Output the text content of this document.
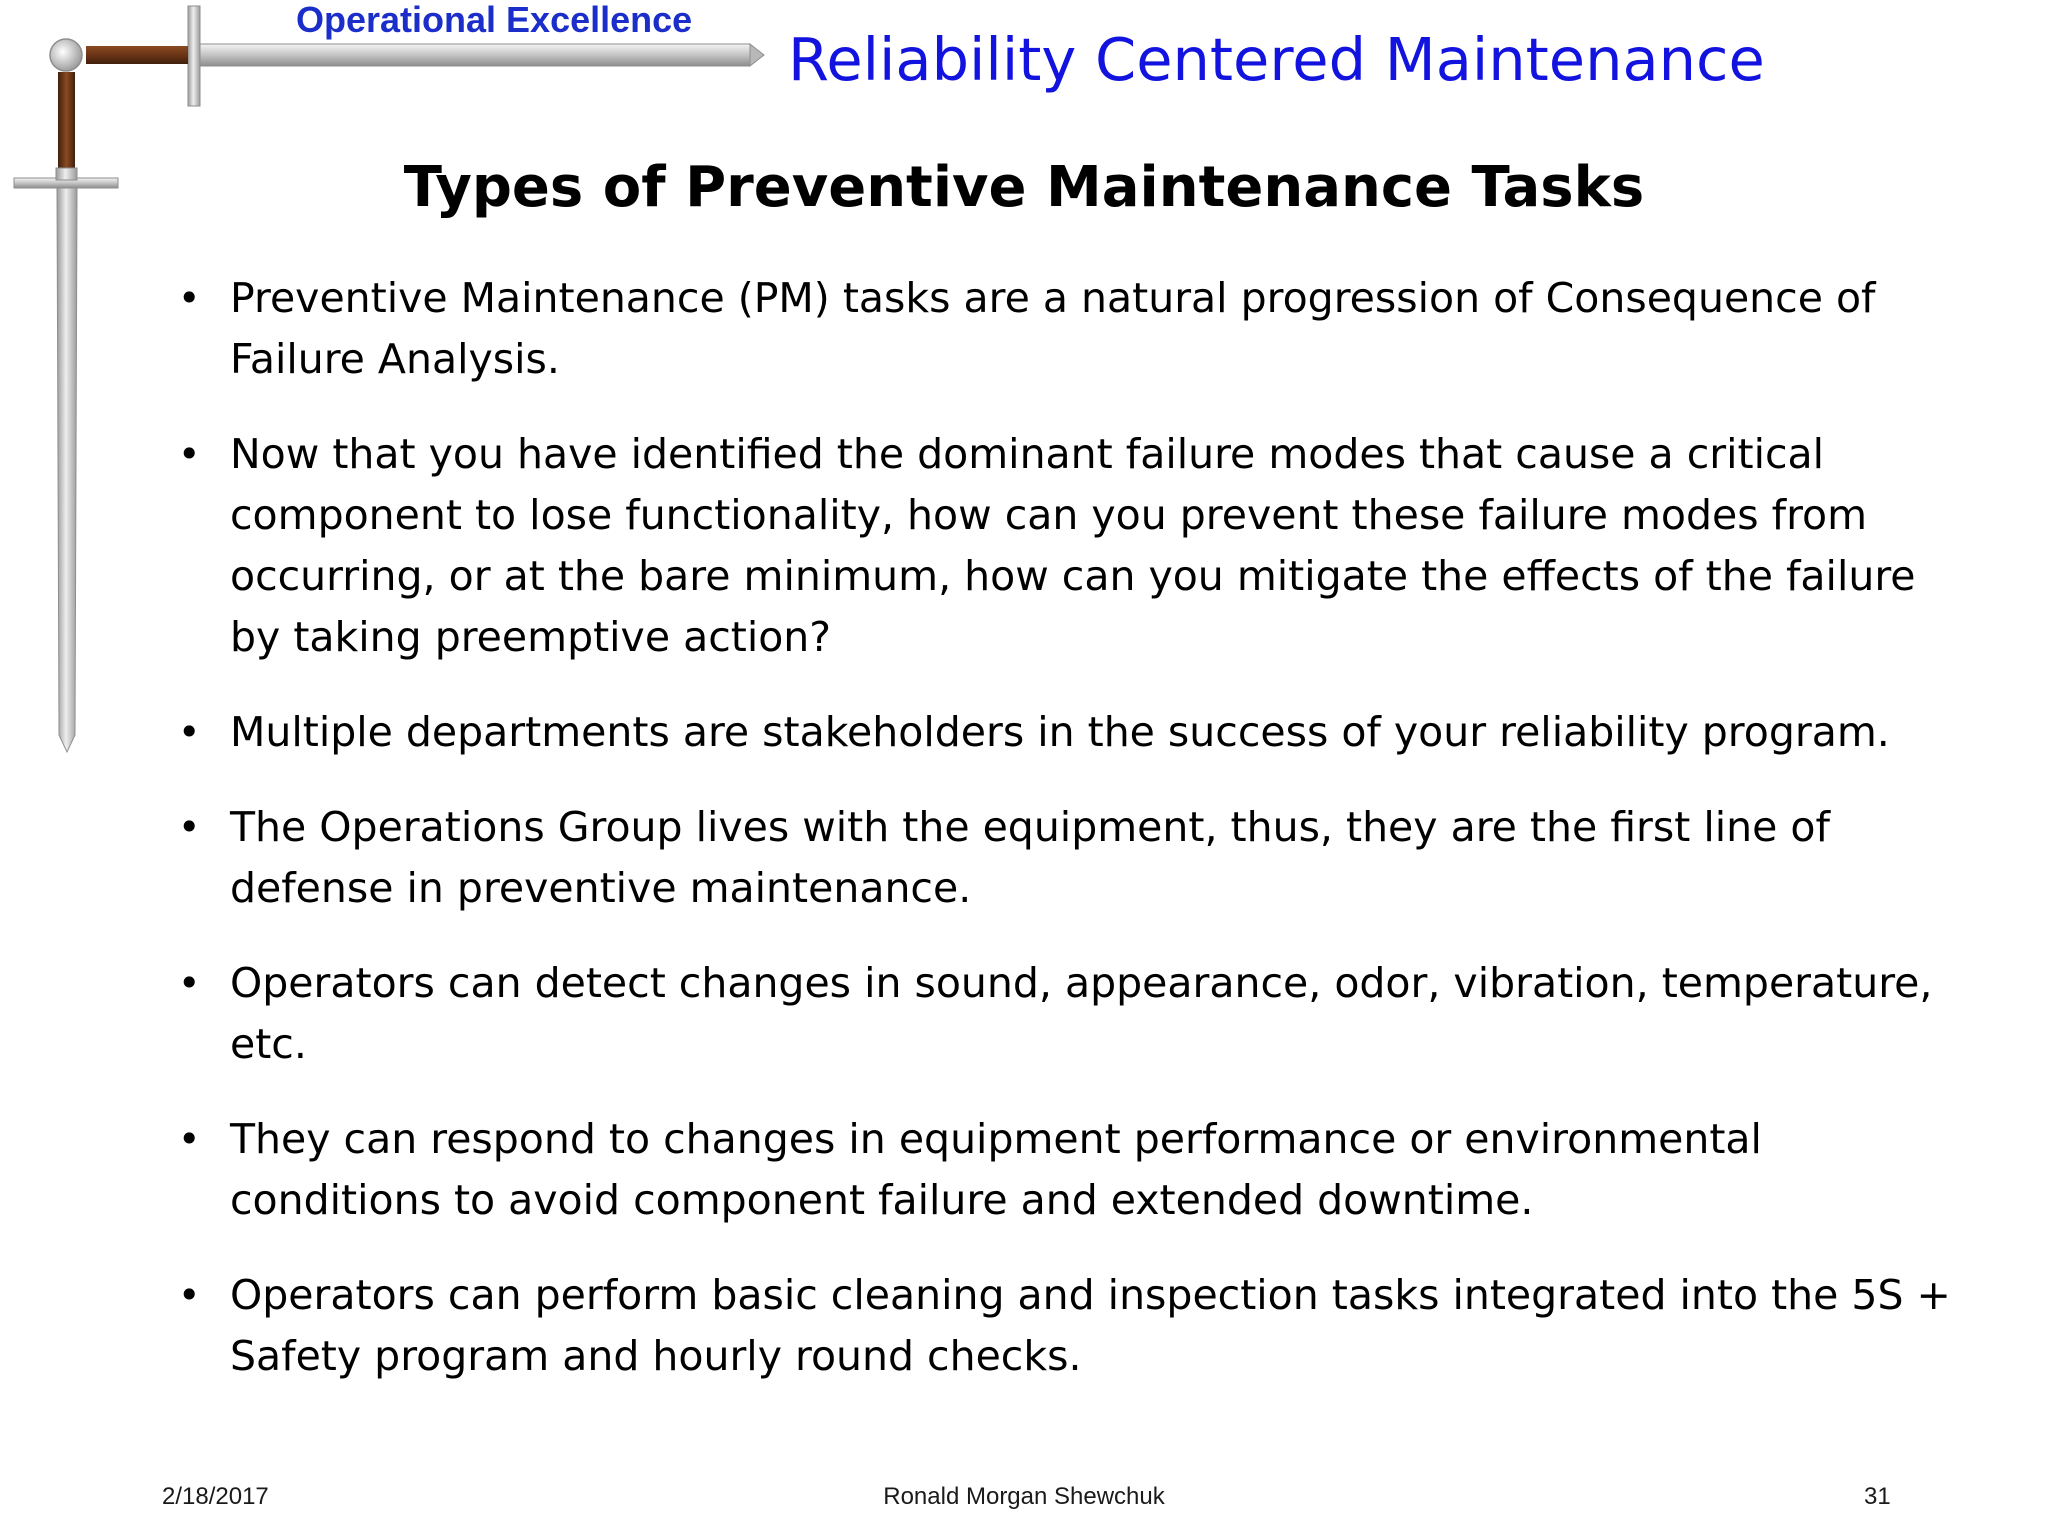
Operational Excellence
Reliability Centered Maintenance
Types of Preventive Maintenance Tasks
• Preventive Maintenance (PM) tasks are a natural progression of Consequence of Failure Analysis.
• Now that you have identified the dominant failure modes that cause a critical component to lose functionality, how can you prevent these failure modes from occurring, or at the bare minimum, how can you mitigate the effects of the failure by taking preemptive action?
• Multiple departments are stakeholders in the success of your reliability program.
• The Operations Group lives with the equipment, thus, they are the first line of defense in preventive maintenance.
• Operators can detect changes in sound, appearance, odor, vibration, temperature, etc.
• They can respond to changes in equipment performance or environmental conditions to avoid component failure and extended downtime.
• Operators can perform basic cleaning and inspection tasks integrated into the 5S + Safety program and hourly round checks.
2/18/2017	Ronald Morgan Shewchuk	31
